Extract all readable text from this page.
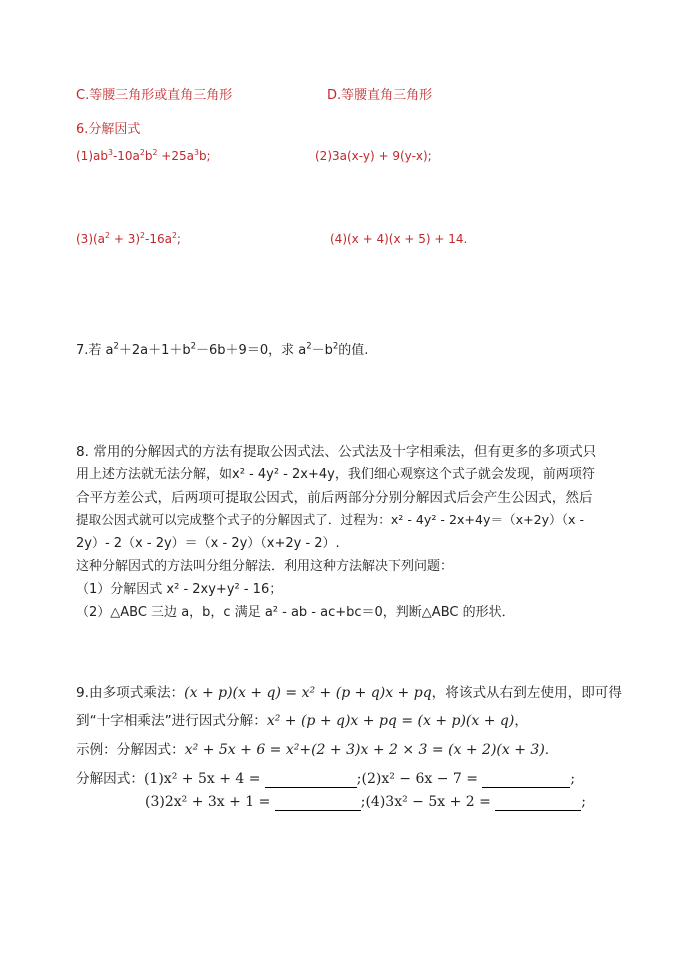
C.等腰三角形或直角三角形	D.等腰直角三角形
6.分解因式
$(1)ab^3-10a^2b^2 +25a^3b$;	(2)3a(x-y) + 9(y-x);
$(3)(a^2 + 3)^2-16a^2$;	(4)(x + 4)(x + 5) + 14.
7.若 $a^2+2a+1+b^2-6b+9=0$，求 $a^2-b^2$的值.
8. 常用的分解因式的方法有提取公因式法、公式法及十字相乘法，但有更多的多项式只
用上述方法就无法分解，如x² - 4y² - 2x+4y，我们细心观察这个式子就会发现，前两项符
合平方差公式，后两项可提取公因式，前后两部分分别分解因式后会产生公因式，然后
提取公因式就可以完成整个式子的分解因式了．过程为：x² - 4y² - 2x+4y＝（x+2y）（x -
2y）- 2（x - 2y）＝（x - 2y）（x+2y - 2）.
这种分解因式的方法叫分组分解法．利用这种方法解决下列问题：
（1）分解因式 x² - 2xy+y² - 16；
（2）△ABC 三边 a，b，c 满足 a² - ab - ac+bc＝0，判断△ABC 的形状．
9.由多项式乘法：(x + p)(x + q) = x² + (p + q)x + pq，将该式从右到左使用，即可得
到“十字相乘法”进行因式分解：x² + (p + q)x + pq = (x + p)(x + q)，
示例：分解因式：x² + 5x + 6 = x²+(2 + 3)x + 2 × 3 = (x + 2)(x + 3).
分解因式：(1)x² + 5x + 4 =	;(2)x² − 6x − 7 =	;
(3)2x² + 3x + 1 =	;(4)3x² − 5x + 2 =	;
